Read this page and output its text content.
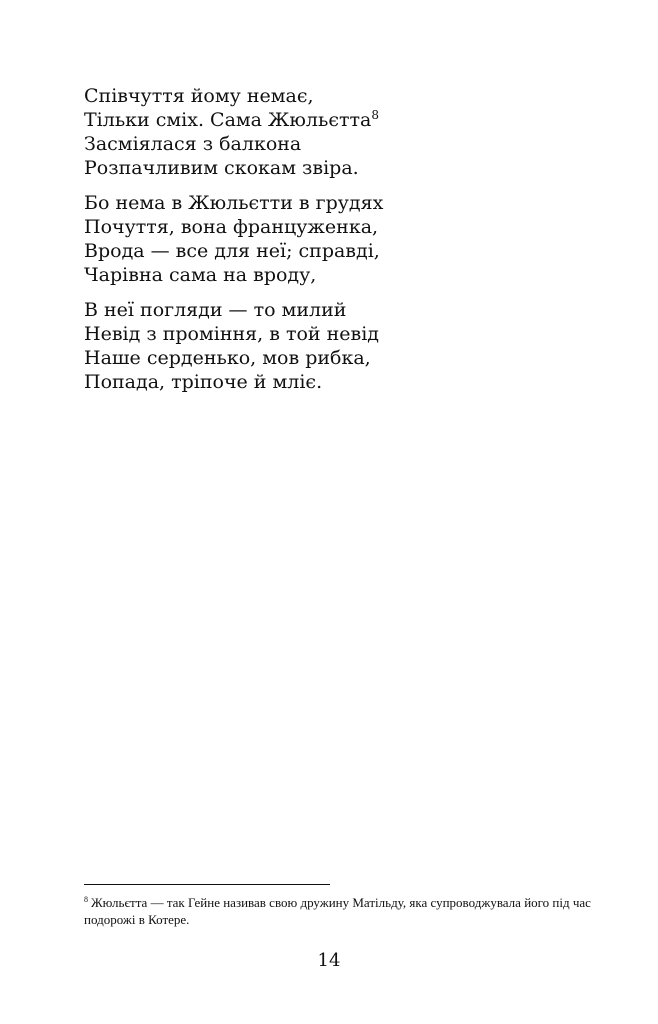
Співчуття йому немає,
Тільки сміх. Сама Жюльєтта$^8$
Засміялася з балкона
Розпачливим скокам звіра.
Бо нема в Жюльєтти в грудях
Почуття, вона француженка,
Врода — все для неї; справді,
Чарівна сама на вроду,
В неї погляди — то милий
Невід з проміння, в той невід
Наше серденько, мов рибка,
Попада, тріпоче й мліє.
$^8$ Жюльєтта — так Гейне називав свою дружину Матільду, яка супроводжувала його під час подорожі в Котере.
14
